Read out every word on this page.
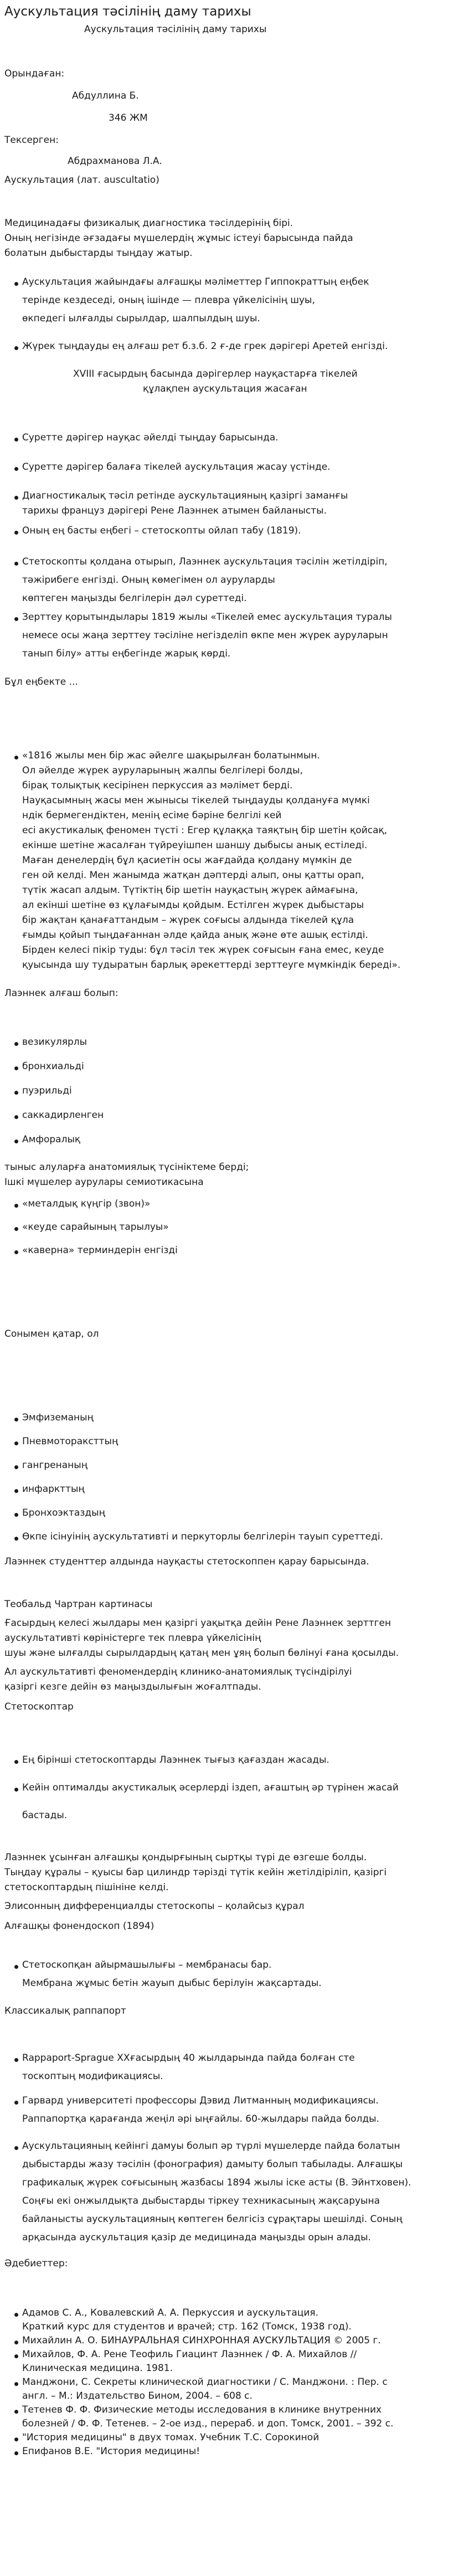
Аускультация тәсілінің даму тарихы
Аускультация тәсілінің даму тарихы
Орындаған:
Абдуллина Б.
346 ЖМ
Тексерген:
Абдрахманова Л.А.
Аускультация (лат. auscultatio)
Медицинадағы физикалық диагностика тәсілдерінің бірі.
Оның негізінде әғзадағы мүшелердің жұмыс істеуі барысында пайда
болатын дыбыстарды тыңдау жатыр.
Аускультация жайындағы алғашқы мәліметтер Гиппократтың еңбек
терінде кездеседі, оның ішінде — плевра үйкелісінің шуы,
өкпедегі ылғалды сырылдар, шалпылдың шуы.
Жүрек тыңдауды ең алғаш рет б.з.б. 2 ғ-де грек дәрігері Аретей енгізді.
XVIII ғасырдың басында дәрігерлер науқастарға тікелей
құлақпен аускультация жасаған
Суретте дәрігер науқас әйелді тыңдау барысында.
Суретте дәрігер балаға тікелей аускультация жасау үстінде.
Диагностикалық тәсіл ретінде аускультацияның қазіргі заманғы
тарихы француз дәрігері Рене Лаэннек атымен байланысты.
Оның ең басты еңбегі – стетоскопты ойлап табу (1819).
Стетоскопты қолдана отырып, Лаэннек аускультация тәсілін жетілдіріп,
тәжірибеге енгізді. Оның көмегімен ол ауруларды
көптеген маңызды белгілерін дәл суреттеді.
Зерттеу қорытындылары 1819 жылы «Тікелей емес аускультация туралы
немесе осы жаңа зерттеу тәсіліне негізделіп өкпе мен жүрек ауруларын
танып білу» атты еңбегінде жарық көрді.
Бұл еңбекте ...
«1816 жылы мен бір жас әйелге шақырылған болатынмын.
Ол әйелде жүрек ауруларының жалпы белгілері болды,
бірақ толықтық кесірінен перкуссия аз мәлімет берді.
Науқасымның жасы мен жынысы тікелей тыңдауды қолдануға мүмкі
ндік бермегендіктен, менің есіме бәріне белгілі кей
есі акустикалық феномен түсті : Егер құлаққа таяқтың бір шетін қойсақ,
екінше шетіне жасалған түйреуішпен шаншу дыбысы анық естіледі.
Маған денелердің бұл қасиетін осы жағдайда қолдану мүмкін де
ген ой келді. Мен жанымда жатқан дәптерді алып, оны қатты орап,
түтік жасап алдым. Түтіктің бір шетін науқастың жүрек аймағына,
ал екінші шетіне өз құлағымды қойдым. Естілген жүрек дыбыстары
бір жақтан қанағаттандым – жүрек соғысы алдында тікелей құла
ғымды қойып тыңдағаннан әлде қайда анық және өте ашық естілді.
Бірден келесі пікір туды: бұл тәсіл тек жүрек соғысын ғана емес, кеуде
қуысында шу тудыратын барлық әрекеттерді зерттеуге мүмкіндік береді».
Лаэннек алғаш болып:
везикулярлы
бронхиальді
пуэрильді
саккадирленген
Амфоралық
тыныс алуларға анатомиялық түсініктеме берді;
Ішкі мүшелер аурулары семиотикасына
«металдық күңгір (звон)»
«кеуде сарайының тарылуы»
«каверна» терминдерін енгізді
Сонымен қатар, ол
Эмфиземаның
Пневмотораксттың
гангренаның
инфаркттың
Бронхоэктаздың
Өкпе ісінуінің аускультативті и перкуторлы белгілерін тауып суреттеді.
Лаэннек студенттер алдында науқасты стетоскоппен қарау барысында.
Теобальд Чартран картинасы
Ғасырдың келесі жылдары мен қазіргі уақытқа дейін Рене Лаэннек зерттген
аускультативті көріністерге тек плевра үйкелісінің
шуы және ылғалды сырылдардың қатаң мен ұяң болып бөлінуі ғана қосылды.
Ал аускультативті феномендердің клинико-анатомиялық түсіндірілуі
қазіргі кезге дейін өз маңыздылығын жоғалтпады.
Стетоскоптар
Ең бірінші стетоскоптарды Лаэннек тығыз қағаздан жасады.
Кейін оптималды акустикалық әсерлерді іздеп, ағаштың әр түрінен жасай
бастады.
Лаэннек ұсынған алғашқы қондырғының сыртқы түрі де өзгеше болды.
Тыңдау құралы – қуысы бар цилиндр тәрізді түтік кейін жетілдіріліп, қазіргі
стетоскоптардың пішініне келді.
Элисонның дифференциалды стетоскопы – қолайсыз құрал
Алғашқы фонендоскоп (1894)
Стетоскопқан айырмашылығы – мембранасы бар.
Мембрана жұмыс бетін жауып дыбыс берілуін жақсартады.
Классикалық раппапорт
Rappaport-Sprague ХХғасырдың 40 жылдарында пайда болған сте
тоскоптың модификациясы.
Гарвард университеті профессоры Дэвид Литманның модификациясы.
Раппапортқа қарағанда жеңіл әрі ыңғайлы. 60-жылдары пайда болды.
Аускультацияның кейінгі дамуы болып әр түрлі мүшелерде пайда болатын
дыбыстарды жазу тәсілін (фонография) дамыту болып табылады. Алғашқы
графикалық жүрек соғысының жазбасы 1894 жылы іске асты (В. Эйнтховен).
Соңғы екі онжылдықта дыбыстарды тіркеу техникасының жақсаруына
байланысты аускультацияның көптеген белгісіз сұрақтары шешілді. Соның
арқасында аускультация қазір де медицинада маңызды орын алады.
Әдебиеттер:
Адамов С. А., Ковалевский А. А. Перкуссия и аускультация.
Краткий курс для студентов и врачей; стр. 162 (Томск, 1938 год).
Михайлин А. О. БИНАУРАЛЬНАЯ СИНХРОННАЯ АУСКУЛЬТАЦИЯ © 2005 г.
Михайлов, Ф. А. Рене Теофиль Гиацинт Лаэннек / Ф. А. Михайлов //
Клиническая медицина. 1981.
Манджони, С. Секреты клинической диагностики / С. Манджони. : Пер. с
англ. – М.: Издательство Бином, 2004. – 608 с.
Тетенев Ф. Ф. Физические методы исследования в клинике внутренних
болезней / Ф. Ф. Тетенев. – 2-ое изд., перераб. и доп. Томск, 2001. – 392 с.
"История медицины" в двух томах. Учебник Т.С. Сорокиной
Епифанов В.Е. "История медицины!
